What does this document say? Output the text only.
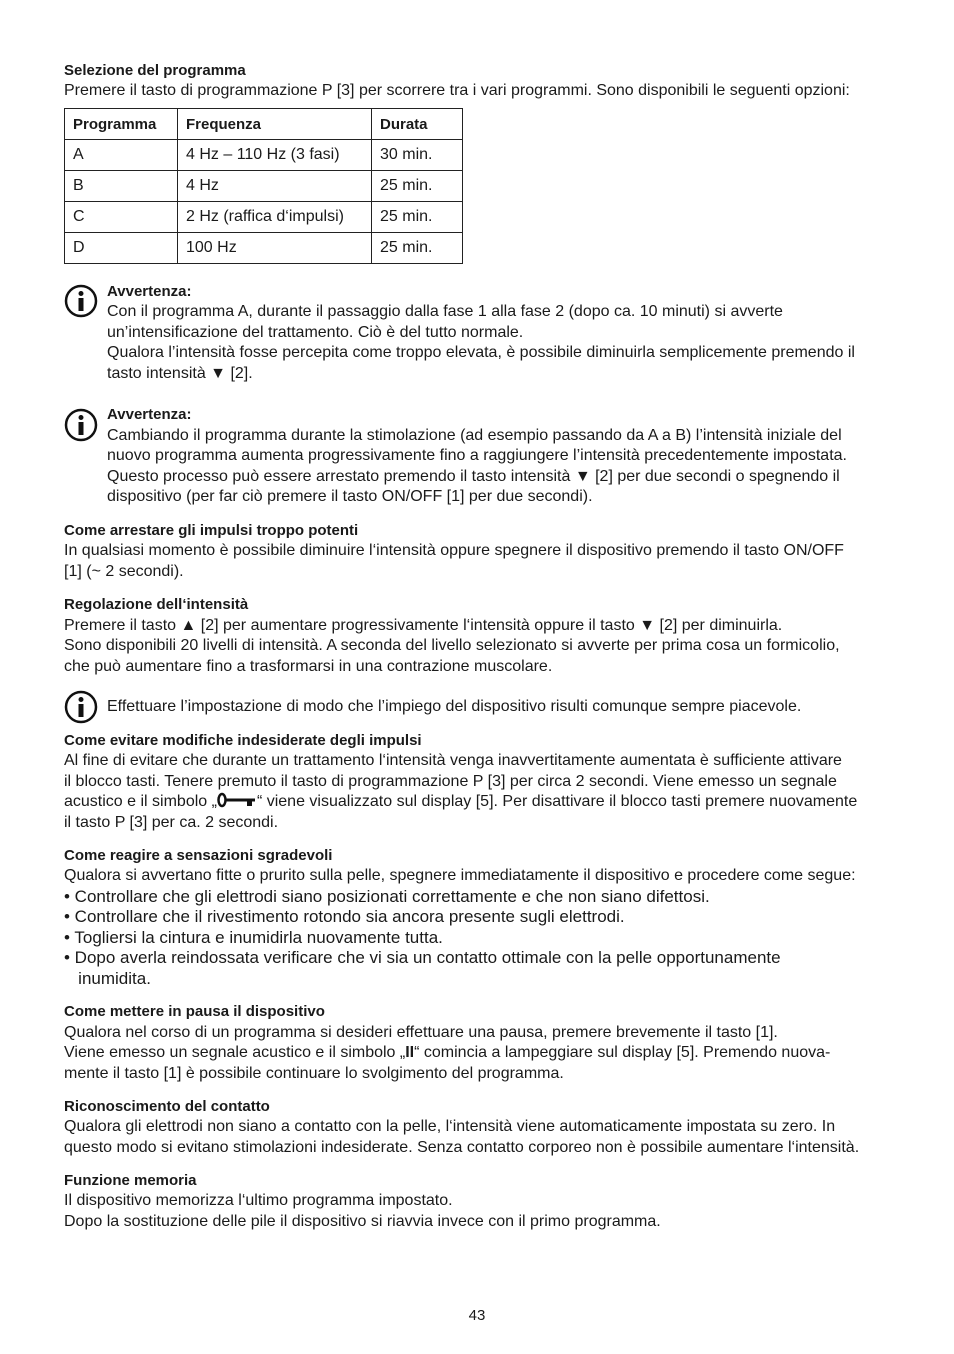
Selezione del programma
Premere il tasto di programmazione P [3] per scorrere tra i vari programmi. Sono disponibili le seguenti opzioni:
Programma	Frequenza	Durata
A	4 Hz – 110 Hz (3 fasi)	30 min.
B	4 Hz	25 min.
C	2 Hz (raffica d‘impulsi)	25 min.
D	100 Hz	25 min.
Avvertenza:
Con il programma A, durante il passaggio dalla fase 1 alla fase 2 (dopo ca. 10 minuti) si avverte
un’intensificazione del trattamento. Ciò è del tutto normale.
Qualora l’intensità fosse percepita come troppo elevata, è possibile diminuirla semplicemente premendo il
tasto intensità ▼ [2].
Avvertenza:
Cambiando il programma durante la stimolazione (ad esempio passando da A a B) l’intensità iniziale del
nuovo programma aumenta progressivamente fino a raggiungere l’intensità precedentemente impostata.
Questo processo può essere arrestato premendo il tasto intensità ▼ [2] per due secondi o spegnendo il
dispositivo (per far ciò premere il tasto ON/OFF [1] per due secondi).
Come arrestare gli impulsi troppo potenti
In qualsiasi momento è possibile diminuire l‘intensità oppure spegnere il dispositivo premendo il tasto ON/OFF
[1] (~ 2 secondi).
Regolazione dell‘intensità
Premere il tasto ▲ [2] per aumentare progressivamente l‘intensità oppure il tasto ▼ [2] per diminuirla.
Sono disponibili 20 livelli di intensità. A seconda del livello selezionato si avverte per prima cosa un formicolio,
che può aumentare fino a trasformarsi in una contrazione muscolare.
Effettuare l’impostazione di modo che l’impiego del dispositivo risulti comunque sempre piacevole.
Come evitare modifiche indesiderate degli impulsi
Al fine di evitare che durante un trattamento l‘intensità venga inavvertitamente aumentata è sufficiente attivare
il blocco tasti. Tenere premuto il tasto di programmazione P [3] per circa 2 secondi. Viene emesso un segnale
acustico e il simbolo „	“ viene visualizzato sul display [5]. Per disattivare il blocco tasti premere nuovamente
il tasto P [3] per ca. 2 secondi.
Come reagire a sensazioni sgradevoli
Qualora si avvertano fitte o prurito sulla pelle, spegnere immediatamente il dispositivo e procedere come segue:
• Controllare che gli elettrodi siano posizionati correttamente e che non siano difettosi.
• Controllare che il rivestimento rotondo sia ancora presente sugli elettrodi.
• Togliersi la cintura e inumidirla nuovamente tutta.
• Dopo averla reindossata verificare che vi sia un contatto ottimale con la pelle opportunamente
inumidita.
Come mettere in pausa il dispositivo
Qualora nel corso di un programma si desideri effettuare una pausa, premere brevemente il tasto [1].
Viene emesso un segnale acustico e il simbolo „II“ comincia a lampeggiare sul display [5]. Premendo nuova-
mente il tasto [1] è possibile continuare lo svolgimento del programma.
Riconoscimento del contatto
Qualora gli elettrodi non siano a contatto con la pelle, l‘intensità viene automaticamente impostata su zero. In
questo modo si evitano stimolazioni indesiderate. Senza contatto corporeo non è possibile aumentare l‘intensità.
Funzione memoria
Il dispositivo memorizza l‘ultimo programma impostato.
Dopo la sostituzione delle pile il dispositivo si riavvia invece con il primo programma.
43
